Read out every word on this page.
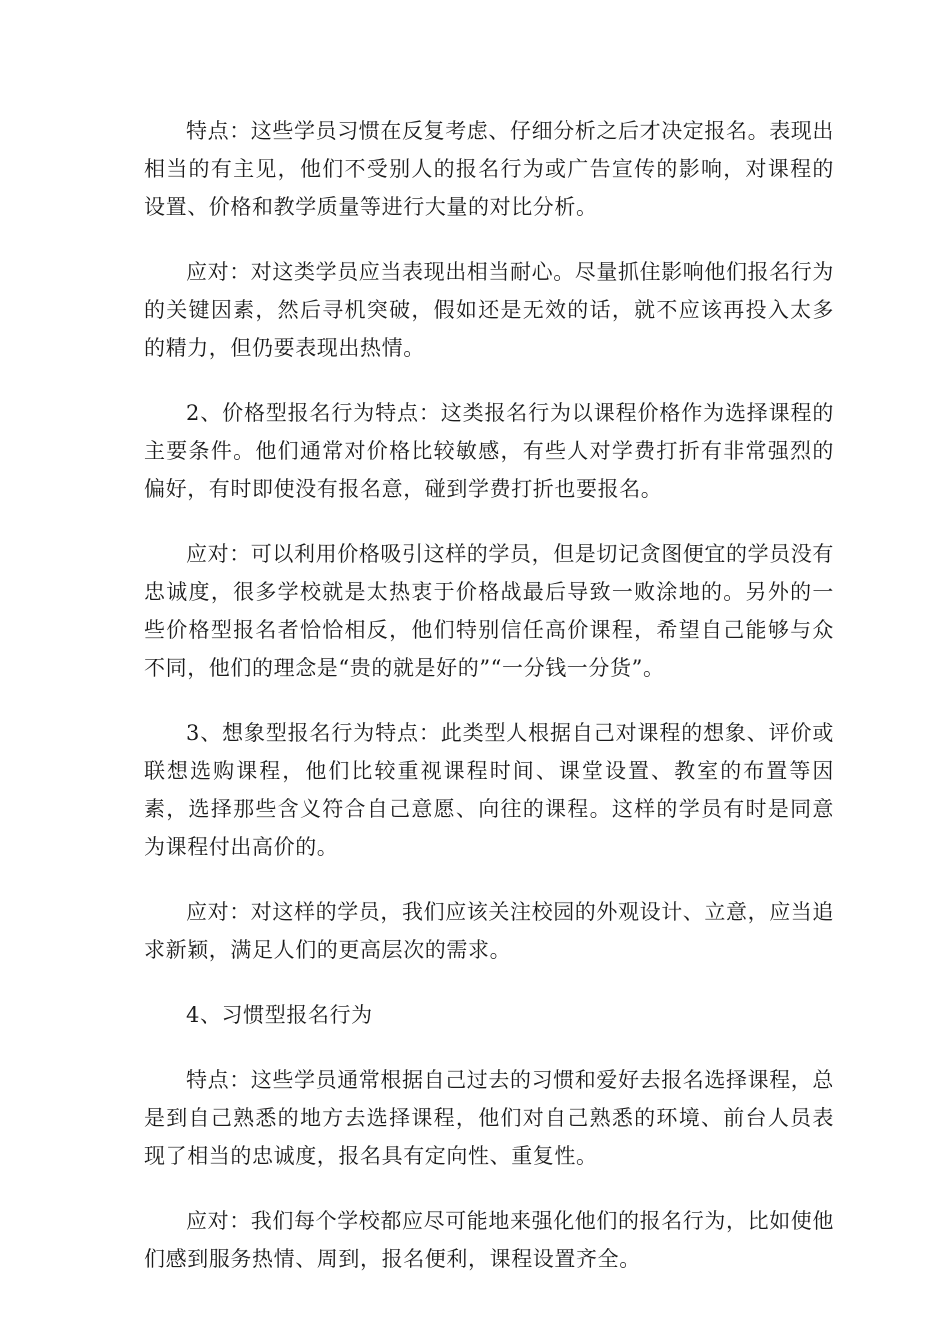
特点：这些学员习惯在反复考虑、仔细分析之后才决定报名。表现出相当的有主见，他们不受别人的报名行为或广告宣传的影响，对课程的设置、价格和教学质量等进行大量的对比分析。

应对：对这类学员应当表现出相当耐心。尽量抓住影响他们报名行为的关键因素，然后寻机突破，假如还是无效的话，就不应该再投入太多的精力，但仍要表现出热情。

2、价格型报名行为特点：这类报名行为以课程价格作为选择课程的主要条件。他们通常对价格比较敏感，有些人对学费打折有非常强烈的偏好，有时即使没有报名意，碰到学费打折也要报名。

应对：可以利用价格吸引这样的学员，但是切记贪图便宜的学员没有忠诚度，很多学校就是太热衷于价格战最后导致一败涂地的。另外的一些价格型报名者恰恰相反，他们特别信任高价课程，希望自己能够与众不同，他们的理念是“贵的就是好的”“一分钱一分货”。

3、想象型报名行为特点：此类型人根据自己对课程的想象、评价或联想选购课程，他们比较重视课程时间、课堂设置、教室的布置等因素，选择那些含义符合自己意愿、向往的课程。这样的学员有时是同意为课程付出高价的。

应对：对这样的学员，我们应该关注校园的外观设计、立意，应当追求新颖，满足人们的更高层次的需求。

4、习惯型报名行为

特点：这些学员通常根据自己过去的习惯和爱好去报名选择课程，总是到自己熟悉的地方去选择课程，他们对自己熟悉的环境、前台人员表现了相当的忠诚度，报名具有定向性、重复性。

应对：我们每个学校都应尽可能地来强化他们的报名行为，比如使他们感到服务热情、周到，报名便利，课程设置齐全。
